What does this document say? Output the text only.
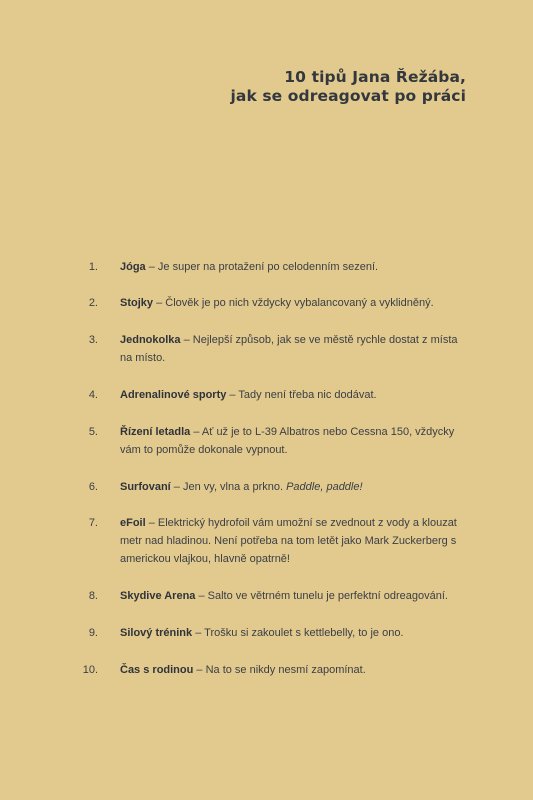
10 tipů Jana Řežába,
jak se odreagovat po práci
1. Jóga – Je super na protažení po celodenním sezení.
2. Stojky – Člověk je po nich vždycky vybalancovaný a vyklidněný.
3. Jednokolka – Nejlepší způsob, jak se ve městě rychle dostat z místa na místo.
4. Adrenalinové sporty – Tady není třeba nic dodávat.
5. Řízení letadla – Ať už je to L-39 Albatros nebo Cessna 150, vždycky vám to pomůže dokonale vypnout.
6. Surfovaní – Jen vy, vlna a prkno. Paddle, paddle!
7. eFoil – Elektrický hydrofoil vám umožní se zvednout z vody a klouzat metr nad hladinou. Není potřeba na tom letět jako Mark Zuckerberg s americkou vlajkou, hlavně opatrně!
8. Skydive Arena – Salto ve větrném tunelu je perfektní odreagování.
9. Silový trénink – Trošku si zakoulet s kettlebelly, to je ono.
10. Čas s rodinou – Na to se nikdy nesmí zapomínat.
